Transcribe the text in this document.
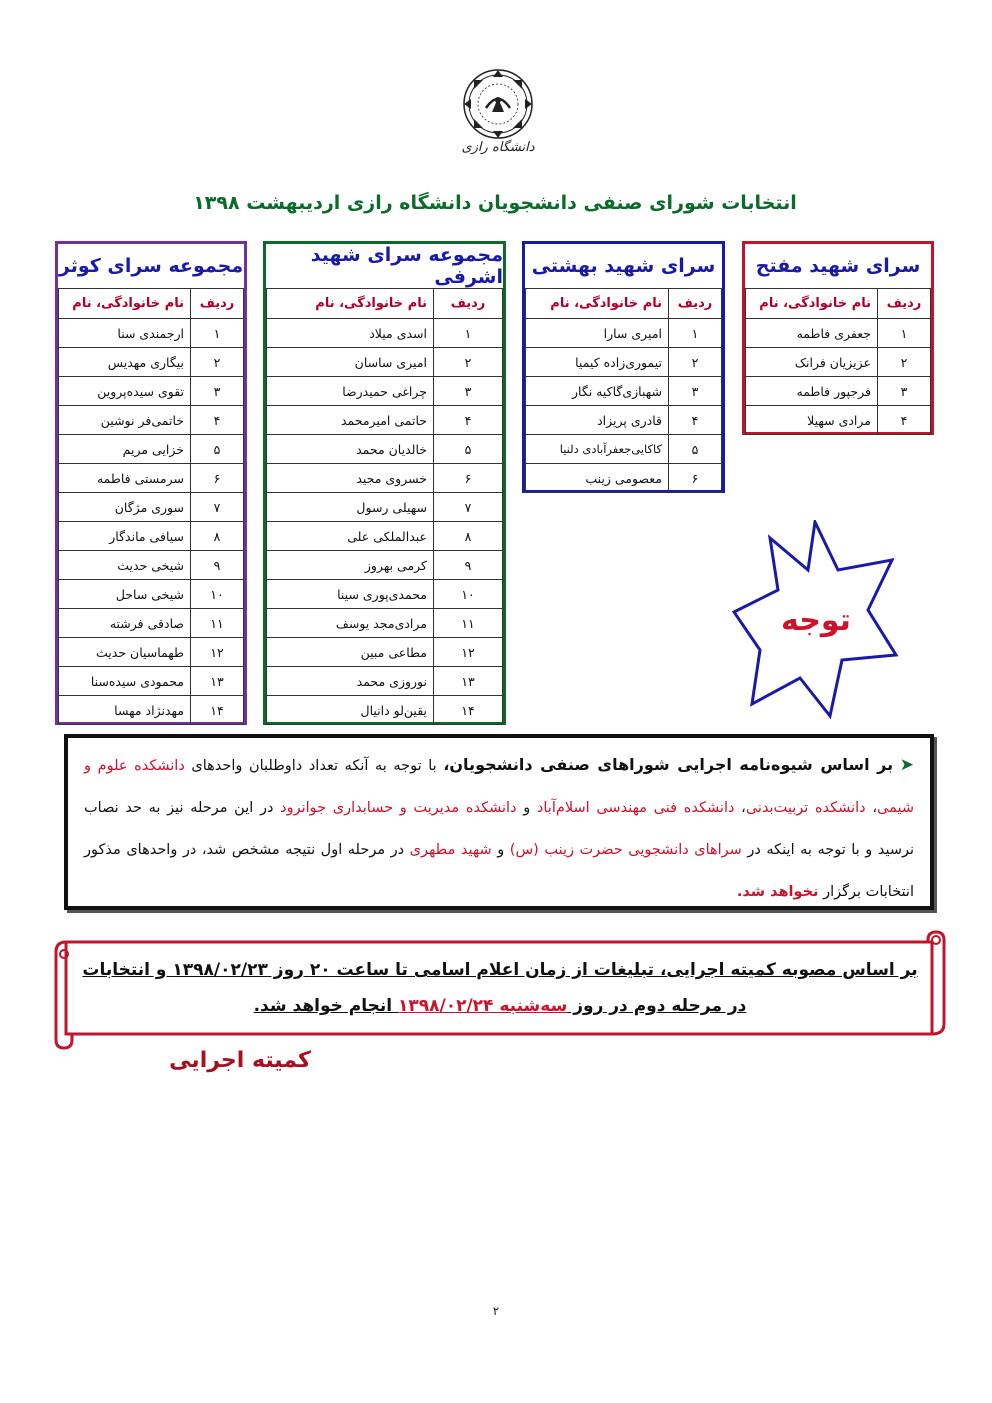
دانشگاه رازی
انتخابات شورای صنفی دانشجویان دانشگاه رازی اردیبهشت ۱۳۹۸
سرای شهید مفتح
ردیف	نام خانوادگی، نام
۱	جعفری فاطمه
۲	عزیزیان فرانک
۳	فرجپور فاطمه
۴	مرادی سهیلا
سرای شهید بهشتی
ردیف	نام خانوادگی، نام
۱	امیری سارا
۲	تیموری‌زاده کیمیا
۳	شهبازی‌گاکیه نگار
۴	قادری پریزاد
۵	کاکایی‌جعفرآبادی دلنیا
۶	معصومی زینب
مجموعه سرای شهید اشرفی
ردیف	نام خانوادگی، نام
۱	اسدی میلاد
۲	امیری ساسان
۳	چراغی حمیدرضا
۴	حاتمی امیرمحمد
۵	خالدیان محمد
۶	خسروی مجید
۷	سهیلی رسول
۸	عبدالملکی علی
۹	کرمی بهروز
۱۰	محمدی‌پوری سینا
۱۱	مرادی‌مجد یوسف
۱۲	مطاعی مبین
۱۳	نوروزی محمد
۱۴	یقین‌لو دانیال
مجموعه سرای کوثر
ردیف	نام خانوادگی، نام
۱	ارجمندی سنا
۲	بیگاری مهدیس
۳	تقوی سیده‌پروین
۴	خاتمی‌فر نوشین
۵	خزایی مریم
۶	سرمستی فاطمه
۷	سوری مژگان
۸	سیافی ماندگار
۹	شیخی حدیث
۱۰	شیخی ساحل
۱۱	صادقی فرشته
۱۲	طهماسیان حدیث
۱۳	محمودی سیده‌سنا
۱۴	مهدنژاد مهسا
توجه

➤ بر اساس شیوه‌نامه اجرایی شوراهای صنفی دانشجویان، با توجه به آنکه تعداد داوطلبان واحدهای دانشکده علوم و شیمی، دانشکده تربیت‌بدنی، دانشکده فنی مهندسی اسلام‌آباد و دانشکده مدیریت و حسابداری جوانرود در این مرحله نیز به حد نصاب نرسید و با توجه به اینکه در سراهای دانشجویی حضرت زینب (س) و شهید مطهری در مرحله اول نتیجه مشخص شد، در واحدهای مذکور انتخابات برگزار نخواهد شد.

بر اساس مصوبه کمیته اجرایی، تبلیغات از زمان اعلام اسامی تا ساعت ۲۰ روز ۱۳۹۸/۰۲/۲۳ و انتخابات در مرحله دوم در روز سه‌شنبه ۱۳۹۸/۰۲/۲۴ انجام خواهد شد.
کمیته اجرایی
۲
